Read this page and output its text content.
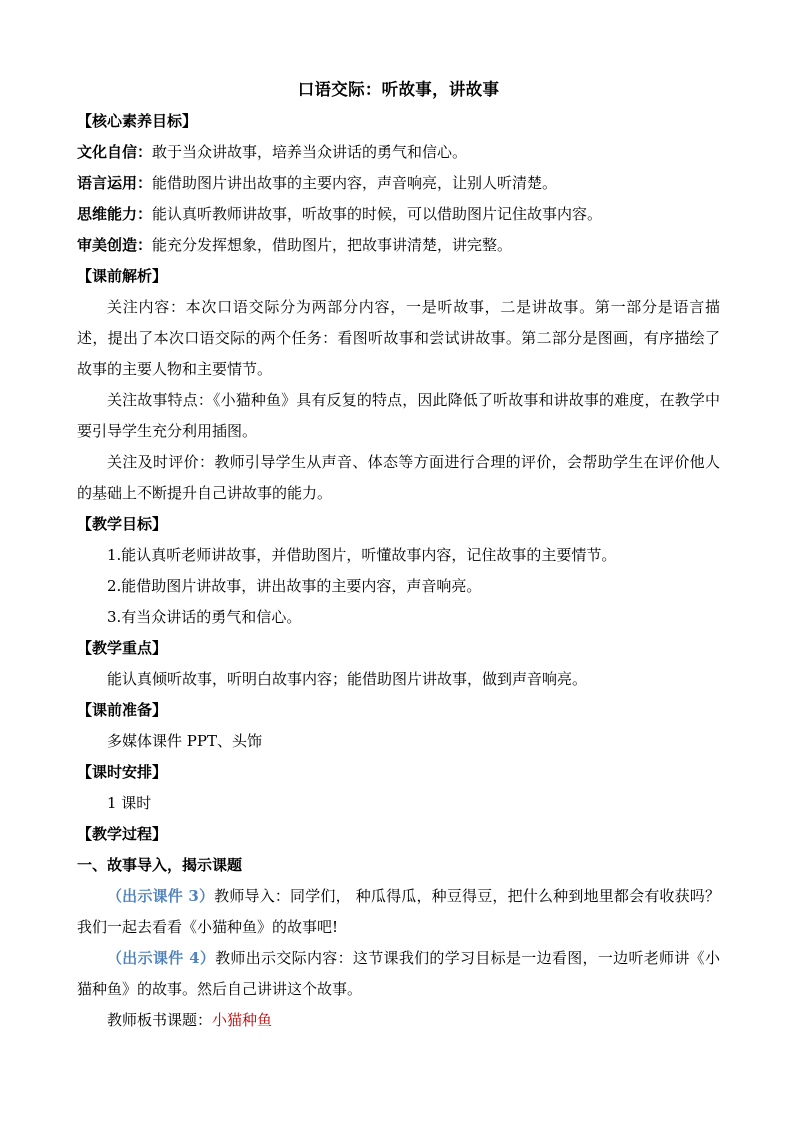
口语交际：听故事，讲故事
【核心素养目标】
文化自信：敢于当众讲故事，培养当众讲话的勇气和信心。
语言运用：能借助图片讲出故事的主要内容，声音响亮，让别人听清楚。
思维能力：能认真听教师讲故事，听故事的时候，可以借助图片记住故事内容。
审美创造：能充分发挥想象，借助图片，把故事讲清楚，讲完整。
【课前解析】

关注内容：本次口语交际分为两部分内容，一是听故事，二是讲故事。第一部分是语言描述，提出了本次口语交际的两个任务：看图听故事和尝试讲故事。第二部分是图画，有序描绘了故事的主要人物和主要情节。

关注故事特点：《小猫种鱼》具有反复的特点，因此降低了听故事和讲故事的难度，在教学中要引导学生充分利用插图。

关注及时评价：教师引导学生从声音、体态等方面进行合理的评价，会帮助学生在评价他人的基础上不断提升自己讲故事的能力。

【教学目标】
1.能认真听老师讲故事，并借助图片，听懂故事内容，记住故事的主要情节。
2.能借助图片讲故事，讲出故事的主要内容，声音响亮。
3.有当众讲话的勇气和信心。
【教学重点】
能认真倾听故事，听明白故事内容；能借助图片讲故事，做到声音响亮。
【课前准备】
多媒体课件 PPT、头饰
【课时安排】
1 课时
【教学过程】
一、故事导入，揭示课题

（出示课件 3）教师导入：同学们， 种瓜得瓜，种豆得豆，把什么种到地里都会有收获吗？我们一起去看看《小猫种鱼》的故事吧!

（出示课件 4）教师出示交际内容：这节课我们的学习目标是一边看图，一边听老师讲《小猫种鱼》的故事。然后自己讲讲这个故事。

教师板书课题：小猫种鱼
